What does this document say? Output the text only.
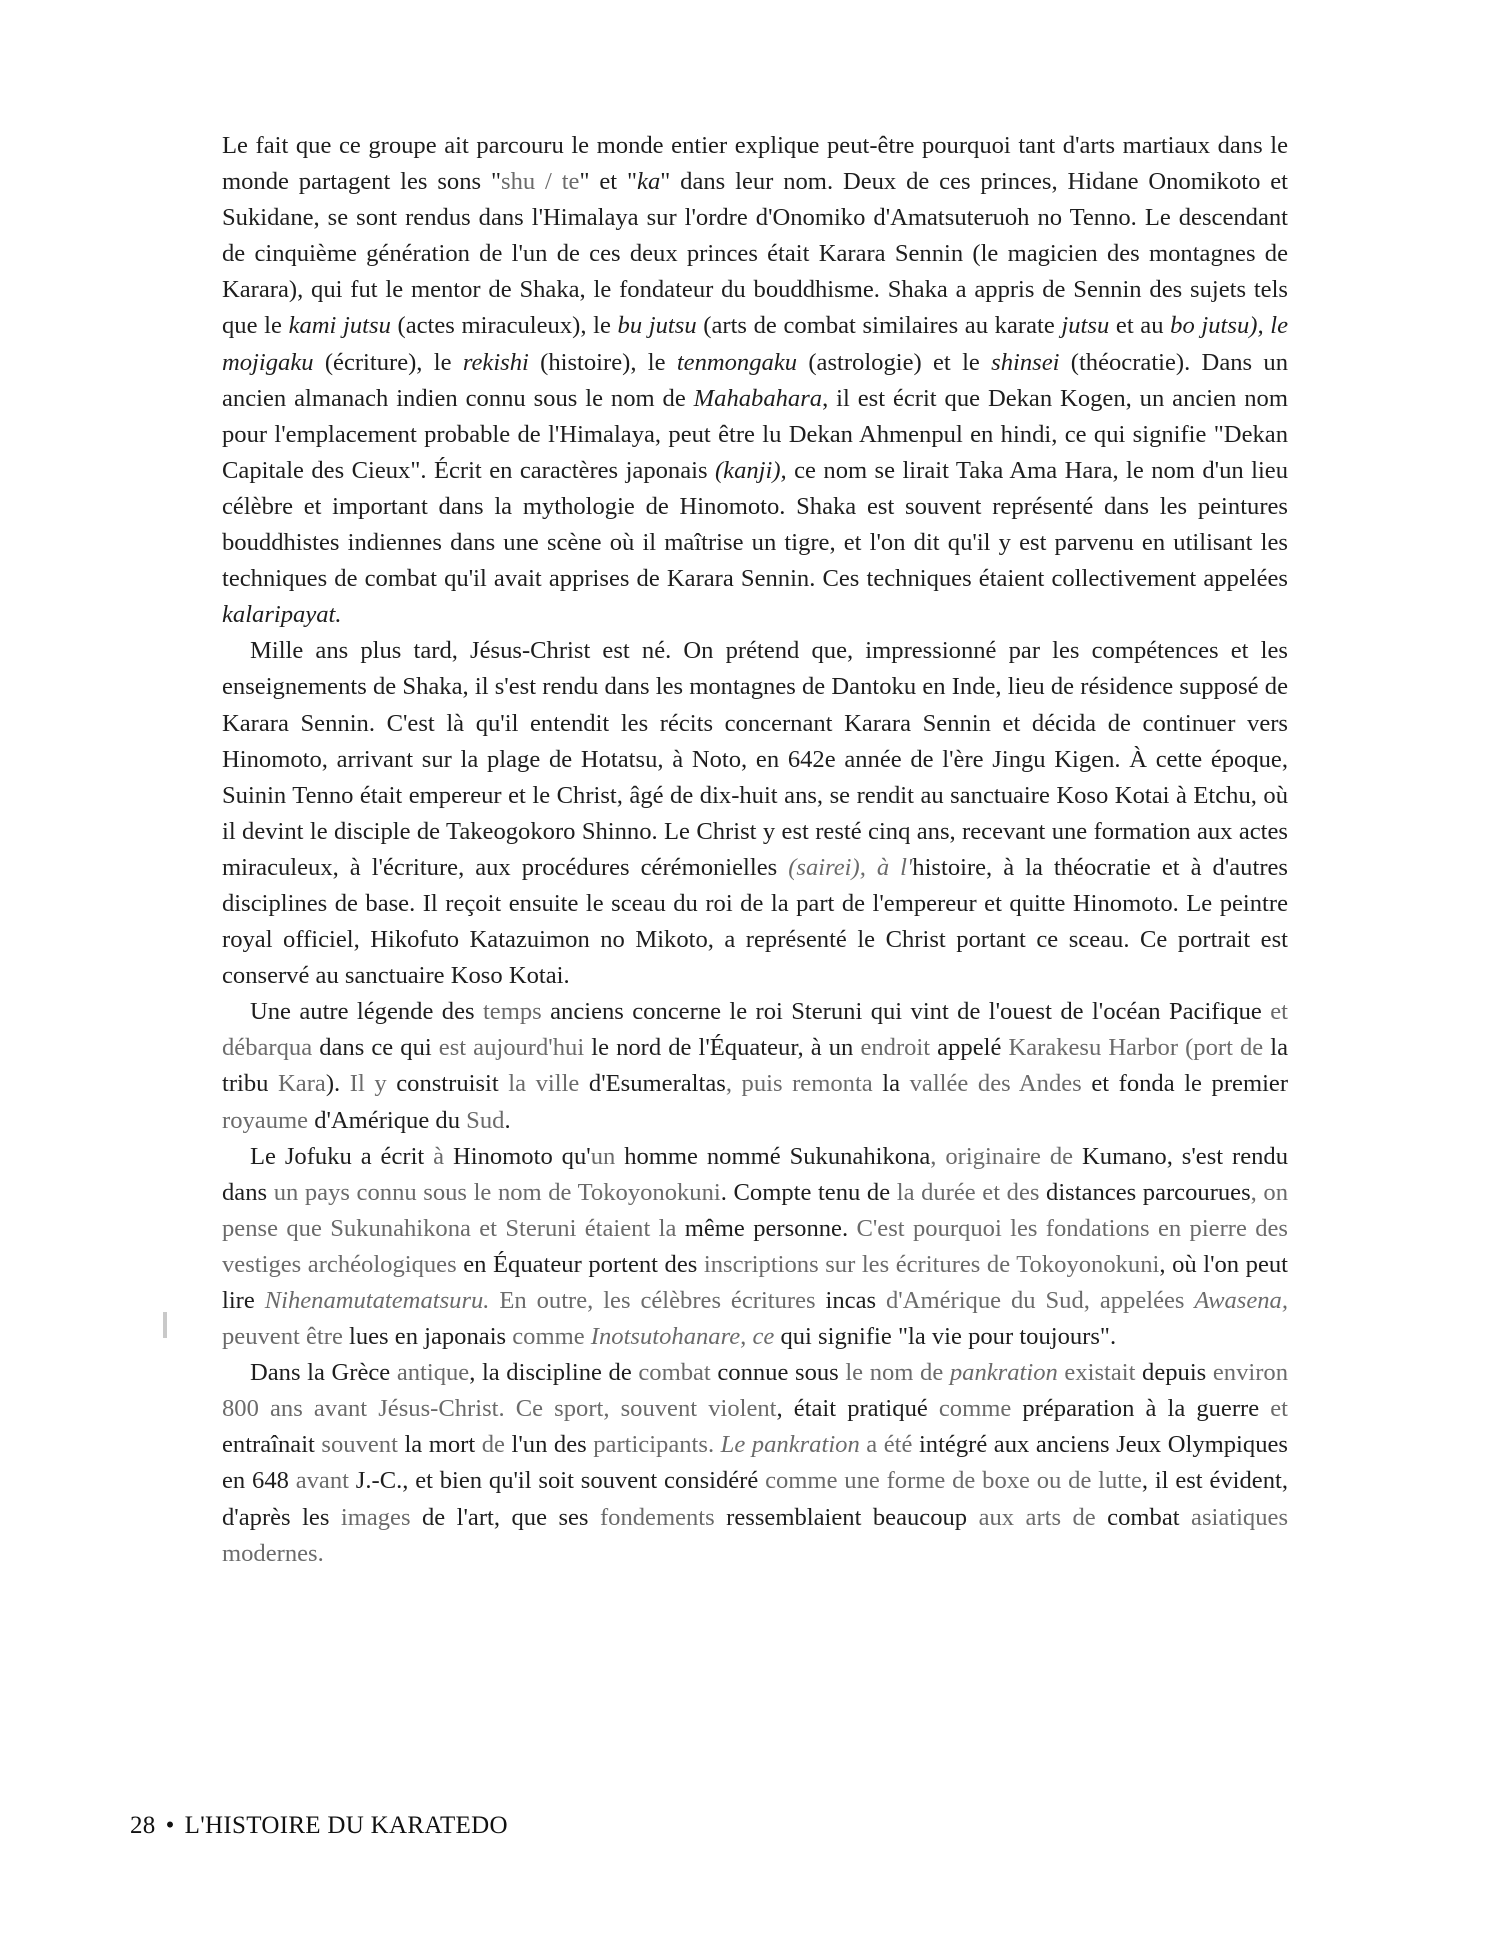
Le fait que ce groupe ait parcouru le monde entier explique peut-être pourquoi tant d'arts martiaux dans le monde partagent les sons "shu / te" et "ka" dans leur nom. Deux de ces princes, Hidane Onomikoto et Sukidane, se sont rendus dans l'Himalaya sur l'ordre d'Onomiko d'Amatsuteruoh no Tenno. Le descendant de cinquième génération de l'un de ces deux princes était Karara Sennin (le magicien des montagnes de Karara), qui fut le mentor de Shaka, le fondateur du bouddhisme. Shaka a appris de Sennin des sujets tels que le kami jutsu (actes miraculeux), le bu jutsu (arts de combat similaires au karate jutsu et au bo jutsu), le mojigaku (écriture), le rekishi (histoire), le tenmongaku (astrologie) et le shinsei (théocratie). Dans un ancien almanach indien connu sous le nom de Mahabahara, il est écrit que Dekan Kogen, un ancien nom pour l'emplacement probable de l'Himalaya, peut être lu Dekan Ahmenpul en hindi, ce qui signifie "Dekan Capitale des Cieux". Écrit en caractères japonais (kanji), ce nom se lirait Taka Ama Hara, le nom d'un lieu célèbre et important dans la mythologie de Hinomoto. Shaka est souvent représenté dans les peintures bouddhistes indiennes dans une scène où il maîtrise un tigre, et l'on dit qu'il y est parvenu en utilisant les techniques de combat qu'il avait apprises de Karara Sennin. Ces techniques étaient collectivement appelées kalaripayat.

Mille ans plus tard, Jésus-Christ est né. On prétend que, impressionné par les compétences et les enseignements de Shaka, il s'est rendu dans les montagnes de Dantoku en Inde, lieu de résidence supposé de Karara Sennin. C'est là qu'il entendit les récits concernant Karara Sennin et décida de continuer vers Hinomoto, arrivant sur la plage de Hotatsu, à Noto, en 642e année de l'ère Jingu Kigen. À cette époque, Suinin Tenno était empereur et le Christ, âgé de dix-huit ans, se rendit au sanctuaire Koso Kotai à Etchu, où il devint le disciple de Takeogokoro Shinno. Le Christ y est resté cinq ans, recevant une formation aux actes miraculeux, à l'écriture, aux procédures cérémonielles (sairei), à l'histoire, à la théocratie et à d'autres disciplines de base. Il reçoit ensuite le sceau du roi de la part de l'empereur et quitte Hinomoto. Le peintre royal officiel, Hikofuto Katazuimon no Mikoto, a représenté le Christ portant ce sceau. Ce portrait est conservé au sanctuaire Koso Kotai.

Une autre légende des temps anciens concerne le roi Steruni qui vint de l'ouest de l'océan Pacifique et débarqua dans ce qui est aujourd'hui le nord de l'Équateur, à un endroit appelé Karakesu Harbor (port de la tribu Kara). Il y construisit la ville d'Esumeraltas, puis remonta la vallée des Andes et fonda le premier royaume d'Amérique du Sud.

Le Jofuku a écrit à Hinomoto qu'un homme nommé Sukunahikona, originaire de Kumano, s'est rendu dans un pays connu sous le nom de Tokoyonokuni. Compte tenu de la durée et des distances parcourues, on pense que Sukunahikona et Steruni étaient la même personne. C'est pourquoi les fondations en pierre des vestiges archéologiques en Équateur portent des inscriptions sur les écritures de Tokoyonokuni, où l'on peut lire Nihenamutatematsuru. En outre, les célèbres écritures incas d'Amérique du Sud, appelées Awasena, peuvent être lues en japonais comme Inotsutohanare, ce qui signifie "la vie pour toujours".

Dans la Grèce antique, la discipline de combat connue sous le nom de pankration existait depuis environ 800 ans avant Jésus-Christ. Ce sport, souvent violent, était pratiqué comme préparation à la guerre et entraînait souvent la mort de l'un des participants. Le pankration a été intégré aux anciens Jeux Olympiques en 648 avant J.-C., et bien qu'il soit souvent considéré comme une forme de boxe ou de lutte, il est évident, d'après les images de l'art, que ses fondements ressemblaient beaucoup aux arts de combat asiatiques modernes.

28 • L'HISTOIRE DU KARATEDO
